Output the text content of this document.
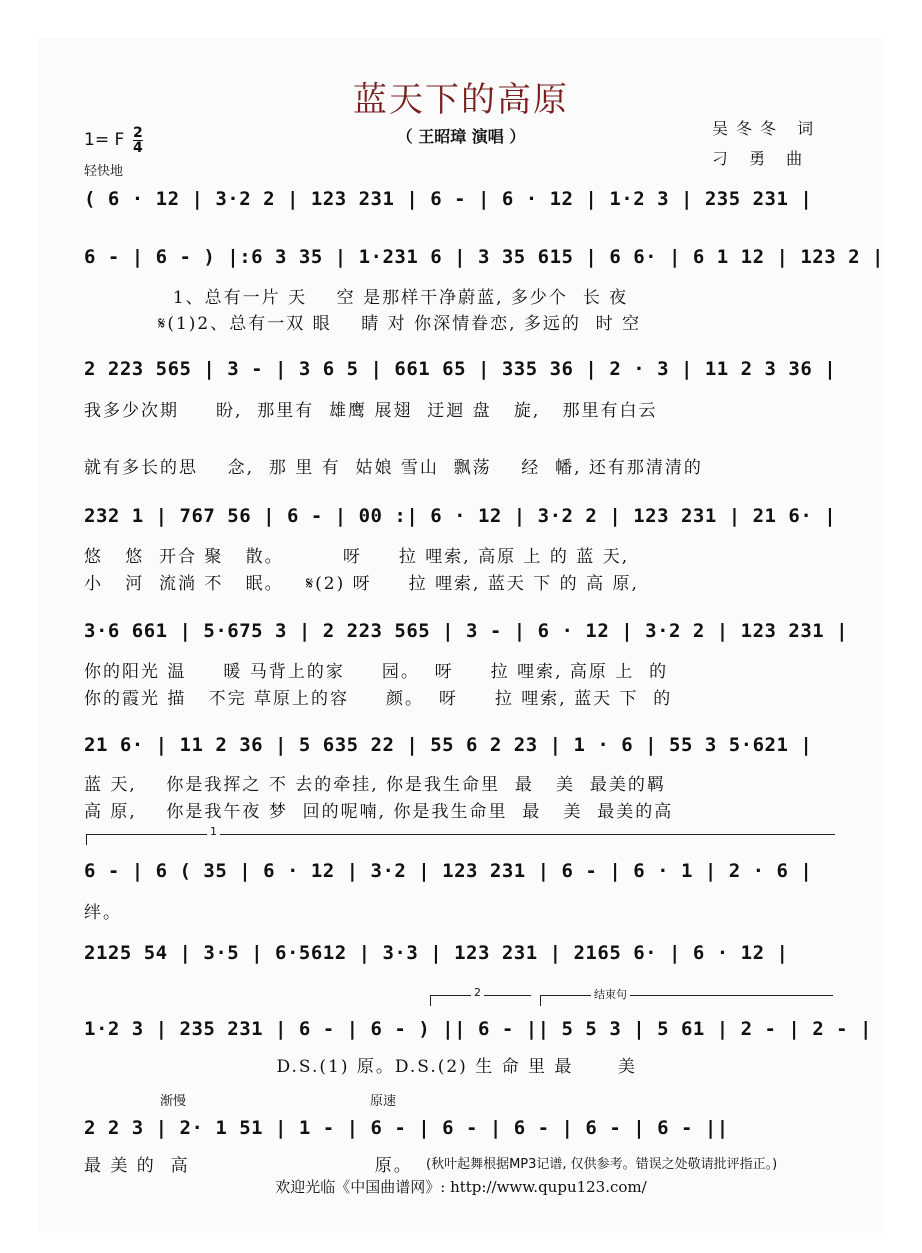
蓝天下的高原
（ 王昭璋 演唱 ）	吴冬冬 词
刁 勇 曲
1= F 2
4
轻快地
( 6 · 12 | 3·2 2 | 123 231 | 6 - | 6 · 12 | 1·2 3 | 235 231 |
6 - | 6 - ) |:6 3 35 | 1·231 6 | 3 35 615 | 6 6· | 6 1 12 | 123 2 |
2 223 565 | 3 - | 3 6 5 | 661 65 | 335 36 | 2 · 3 | 11 2 3 36 |
232 1 | 767 56 | 6 - | 00 :| 6 · 12 | 3·2 2 | 123 231 | 21 6· |
3·6 661 | 5·675 3 | 2 223 565 | 3 - | 6 · 12 | 3·2 2 | 123 231 |
21 6· | 11 2 36 | 5 635 22 | 55 6 2 23 | 1 · 6 | 55 3 5·621 |
6 - | 6 ( 35 | 6 · 12 | 3·2 | 123 231 | 6 - | 6 · 1 | 2 · 6 |
2125 54 | 3·5 | 6·5612 | 3·3 | 123 231 | 2165 6· | 6 · 12 |
1·2 3 | 235 231 | 6 - | 6 - ) || 6 - || 5 5 3 | 5 61 | 2 - | 2 - |
2 2 3 | 2· 1 51 | 1 - | 6 - | 6 - | 6 - | 6 - | 6 - ||
1、总有一片 天    空 是那样干净蔚蓝, 多少个  长 夜
𝄋(1)2、总有一双 眼    睛 对 你深情眷恋, 多远的  时 空
我多少次期     盼,  那里有  雄鹰 展翅  迂迴 盘   旋,   那里有白云
就有多长的思    念,  那 里 有  姑娘 雪山  飘荡    经  幡, 还有那清清的
悠   悠  开合 聚   散。        呀     拉 哩索, 高原 上 的 蓝 天,
小   河  流淌 不   眠。   𝄋(2) 呀     拉 哩索, 蓝天 下 的 高 原,
你的阳光 温     暖 马背上的家     园。  呀     拉 哩索, 高原 上  的
你的霞光 描   不完 草原上的容     颜。  呀     拉 哩索, 蓝天 下  的
蓝 天,    你是我挥之 不 去的牵挂, 你是我生命里  最   美  最美的羁
高 原,    你是我午夜 梦  回的呢喃, 你是我生命里  最   美  最美的高
绊。
D.S.(1) 原。D.S.(2) 生 命 里 最      美
最 美 的  高                         原。
1
2	结束句
渐慢	原速
(秋叶起舞根据MP3记谱, 仅供参考。错误之处敬请批评指正。)
欢迎光临《中国曲谱网》: http://www.qupu123.com/
